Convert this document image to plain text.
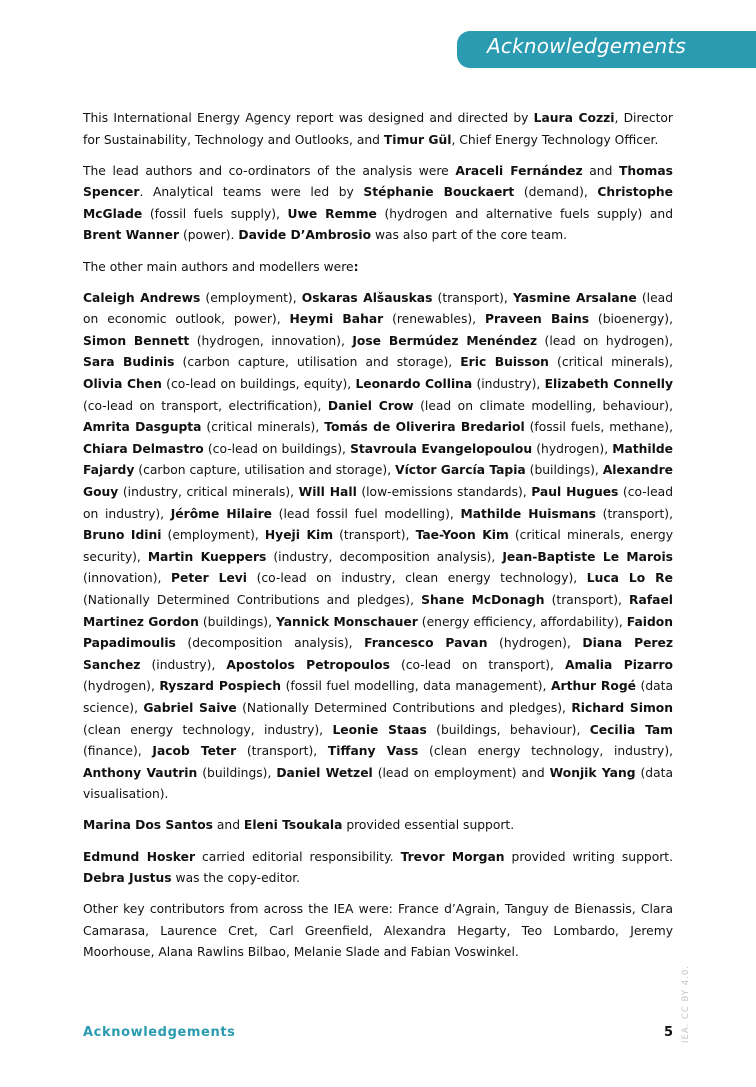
Acknowledgements

This International Energy Agency report was designed and directed by Laura Cozzi, Director for Sustainability, Technology and Outlooks, and Timur Gül, Chief Energy Technology Officer.

The lead authors and co-ordinators of the analysis were Araceli Fernández and Thomas Spencer. Analytical teams were led by Stéphanie Bouckaert (demand), Christophe McGlade (fossil fuels supply), Uwe Remme (hydrogen and alternative fuels supply) and Brent Wanner (power). Davide D’Ambrosio was also part of the core team.

The other main authors and modellers were:

Caleigh Andrews (employment), Oskaras Alšauskas (transport), Yasmine Arsalane (lead on economic outlook, power), Heymi Bahar (renewables), Praveen Bains (bioenergy), Simon Bennett (hydrogen, innovation), Jose Bermúdez Menéndez (lead on hydrogen), Sara Budinis (carbon capture, utilisation and storage), Eric Buisson (critical minerals), Olivia Chen (co-lead on buildings, equity), Leonardo Collina (industry), Elizabeth Connelly (co-lead on transport, electrification), Daniel Crow (lead on climate modelling, behaviour), Amrita Dasgupta (critical minerals), Tomás de Oliverira Bredariol (fossil fuels, methane), Chiara Delmastro (co-lead on buildings), Stavroula Evangelopoulou (hydrogen), Mathilde Fajardy (carbon capture, utilisation and storage), Víctor García Tapia (buildings), Alexandre Gouy (industry, critical minerals), Will Hall (low-emissions standards), Paul Hugues (co-lead on industry), Jérôme Hilaire (lead fossil fuel modelling), Mathilde Huismans (transport), Bruno Idini (employment), Hyeji Kim (transport), Tae-Yoon Kim (critical minerals, energy security), Martin Kueppers (industry, decomposition analysis), Jean-Baptiste Le Marois (innovation), Peter Levi (co-lead on industry, clean energy technology), Luca Lo Re (Nationally Determined Contributions and pledges), Shane McDonagh (transport), Rafael Martinez Gordon (buildings), Yannick Monschauer (energy efficiency, affordability), Faidon Papadimoulis (decomposition analysis), Francesco Pavan (hydrogen), Diana Perez Sanchez (industry), Apostolos Petropoulos (co-lead on transport), Amalia Pizarro (hydrogen), Ryszard Pospiech (fossil fuel modelling, data management), Arthur Rogé (data science), Gabriel Saive (Nationally Determined Contributions and pledges), Richard Simon (clean energy technology, industry), Leonie Staas (buildings, behaviour), Cecilia Tam (finance), Jacob Teter (transport), Tiffany Vass (clean energy technology, industry), Anthony Vautrin (buildings), Daniel Wetzel (lead on employment) and Wonjik Yang (data visualisation).

Marina Dos Santos and Eleni Tsoukala provided essential support.

Edmund Hosker carried editorial responsibility. Trevor Morgan provided writing support. Debra Justus was the copy-editor.

Other key contributors from across the IEA were: France d’Agrain, Tanguy de Bienassis, Clara Camarasa, Laurence Cret, Carl Greenfield, Alexandra Hegarty, Teo Lombardo, Jeremy Moorhouse, Alana Rawlins Bilbao, Melanie Slade and Fabian Voswinkel.

Acknowledgements	5 IEA. CC BY 4.0.
